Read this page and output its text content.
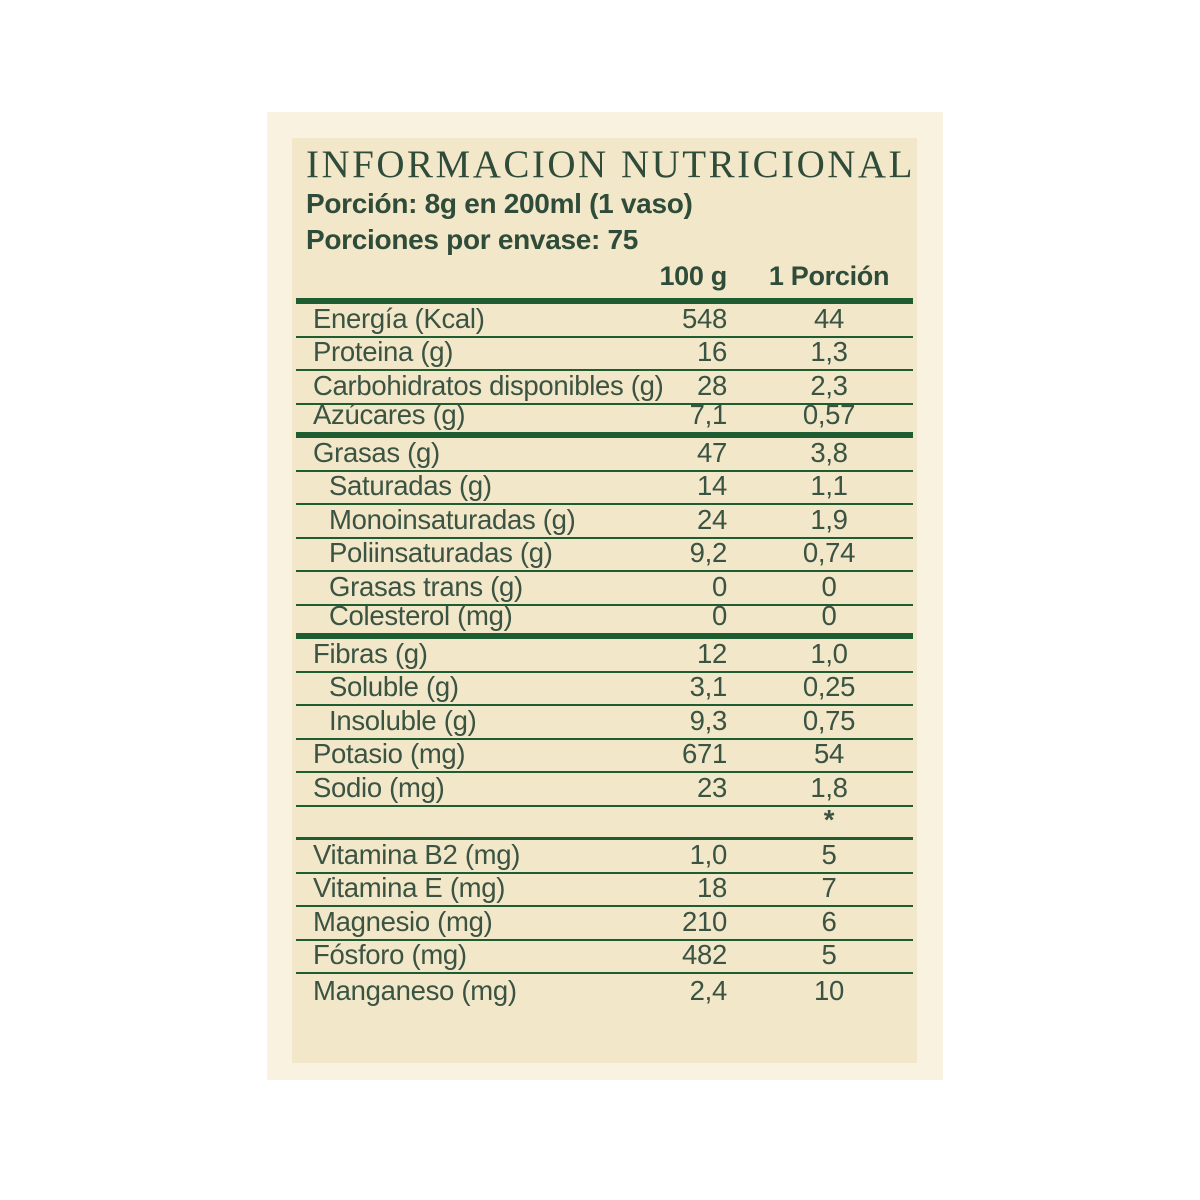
INFORMACION NUTRICIONAL
Porción: 8g en 200ml (1 vaso)
Porciones por envase: 75
100 g	1 Porción
Energía (Kcal)	548	44
Proteina (g)	16	1,3
Carbohidratos disponibles (g) 28	2,3
Azúcares (g)	7,1	0,57
Grasas (g)	47	3,8
Saturadas (g)	14	1,1
Monoinsaturadas (g)	24	1,9
Poliinsaturadas (g)	9,2	0,74
Grasas trans (g)	0	0
Colesterol (mg)	0	0
Fibras (g)	12	1,0
Soluble (g)	3,1	0,25
Insoluble (g)	9,3	0,75
Potasio (mg)	671	54
Sodio (mg)	23	1,8
*
Vitamina B2 (mg)	1,0	5
Vitamina E (mg)	18	7
Magnesio (mg)	210	6
Fósforo (mg)	482	5
Manganeso (mg)	2,4	10
